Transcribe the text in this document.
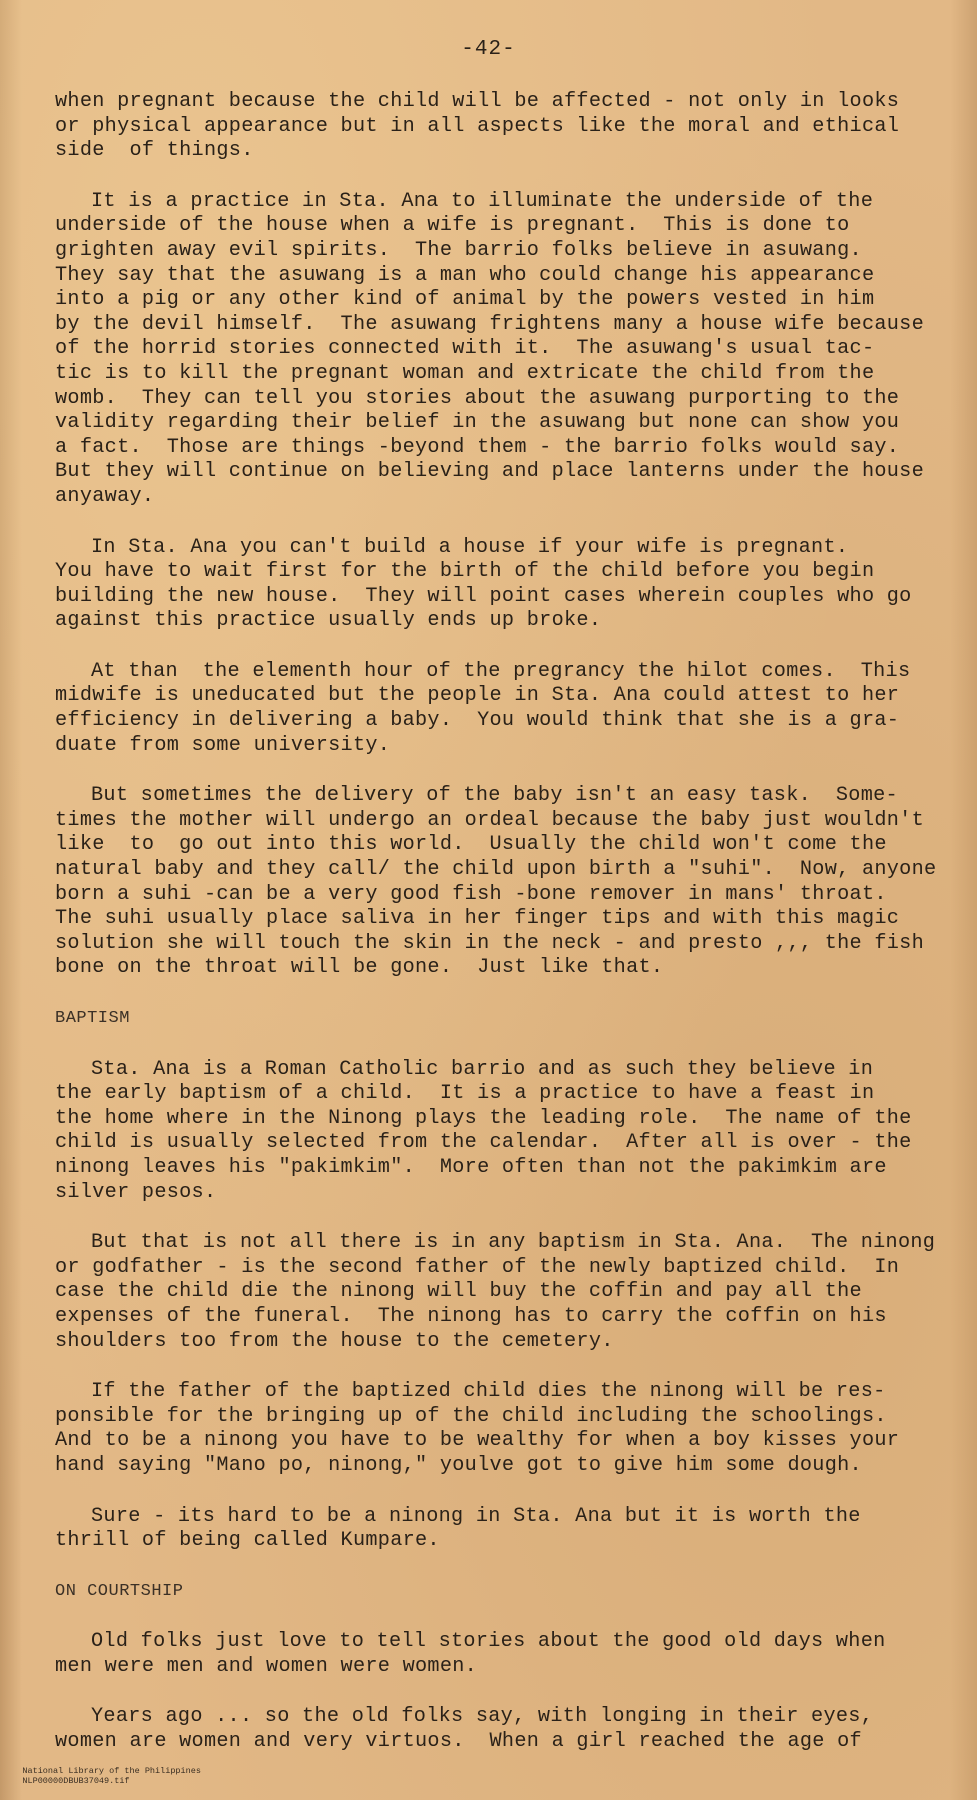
-42-
when pregnant because the child will be affected - not only in looks
or physical appearance but in all aspects like the moral and ethical
side  of things.
It is a practice in Sta. Ana to illuminate the underside of the
underside of the house when a wife is pregnant.  This is done to
grighten away evil spirits.  The barrio folks believe in asuwang.
They say that the asuwang is a man who could change his appearance
into a pig or any other kind of animal by the powers vested in him
by the devil himself.  The asuwang frightens many a house wife because
of the horrid stories connected with it.  The asuwang's usual tac-
tic is to kill the pregnant woman and extricate the child from the
womb.  They can tell you stories about the asuwang purporting to the
validity regarding their belief in the asuwang but none can show you
a fact.  Those are things -beyond them - the barrio folks would say.
But they will continue on believing and place lanterns under the house
anyaway.
In Sta. Ana you can't build a house if your wife is pregnant.
You have to wait first for the birth of the child before you begin
building the new house.  They will point cases wherein couples who go
against this practice usually ends up broke.
At than  the elementh hour of the pregrancy the hilot comes.  This
midwife is uneducated but the people in Sta. Ana could attest to her
efficiency in delivering a baby.  You would think that she is a gra-
duate from some university.
But sometimes the delivery of the baby isn't an easy task.  Some-
times the mother will undergo an ordeal because the baby just wouldn't
like  to  go out into this world.  Usually the child won't come the
natural baby and they call/ the child upon birth a "suhi".  Now, anyone
born a suhi -can be a very good fish -bone remover in mans' throat.
The suhi usually place saliva in her finger tips and with this magic
solution she will touch the skin in the neck - and presto ,,, the fish
bone on the throat will be gone.  Just like that.
BAPTISM
Sta. Ana is a Roman Catholic barrio and as such they believe in
the early baptism of a child.  It is a practice to have a feast in
the home where in the Ninong plays the leading role.  The name of the
child is usually selected from the calendar.  After all is over - the
ninong leaves his "pakimkim".  More often than not the pakimkim are
silver pesos.
But that is not all there is in any baptism in Sta. Ana.  The ninong
or godfather - is the second father of the newly baptized child.  In
case the child die the ninong will buy the coffin and pay all the
expenses of the funeral.  The ninong has to carry the coffin on his
shoulders too from the house to the cemetery.
If the father of the baptized child dies the ninong will be res-
ponsible for the bringing up of the child including the schoolings.
And to be a ninong you have to be wealthy for when a boy kisses your
hand saying "Mano po, ninong," youlve got to give him some dough.
Sure - its hard to be a ninong in Sta. Ana but it is worth the
thrill of being called Kumpare.
ON COURTSHIP
Old folks just love to tell stories about the good old days when
men were men and women were women.
Years ago ... so the old folks say, with longing in their eyes,
women are women and very virtuos.  When a girl reached the age of

National Library of the Philippines
NLP00000DBUB37049.tif
